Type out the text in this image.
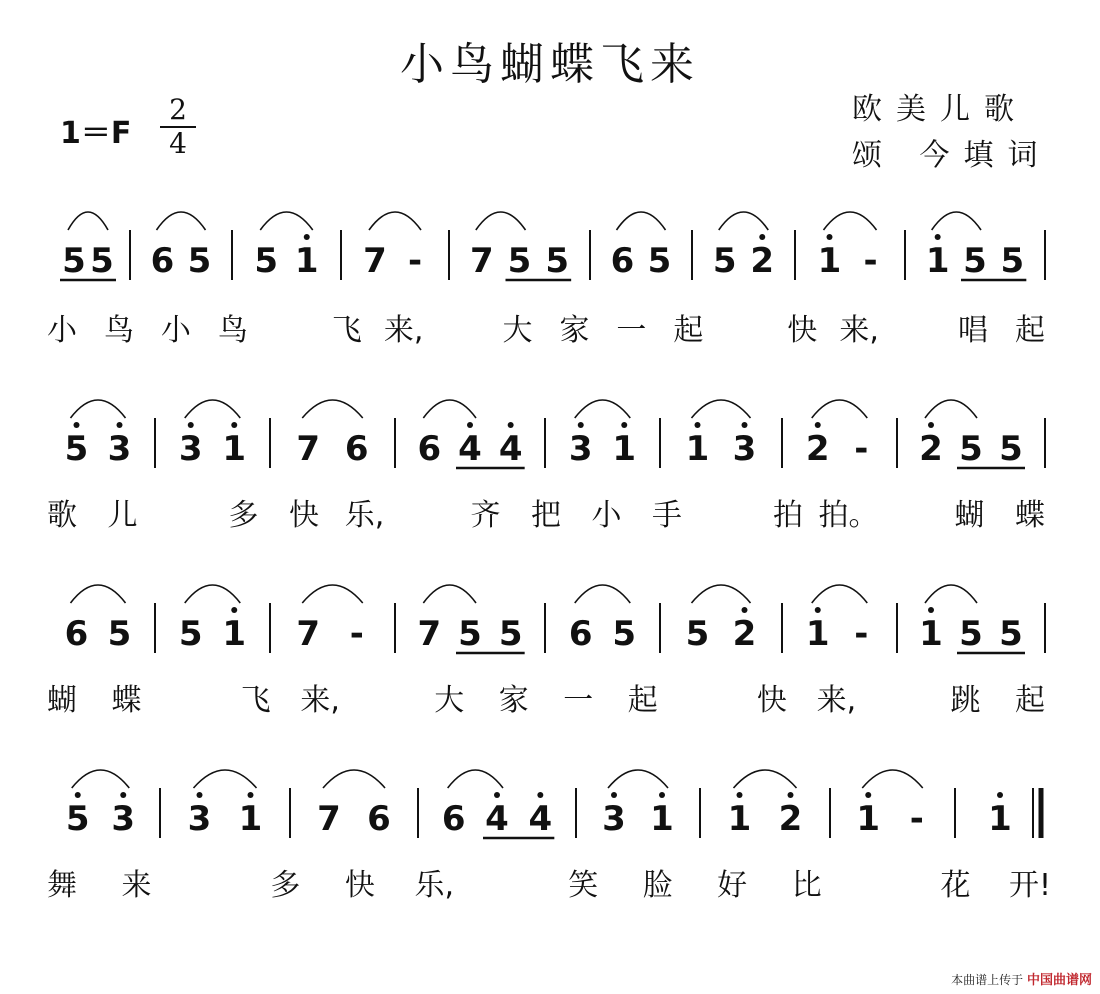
小鸟蝴蝶飞来
1＝F
2
4
欧美儿歌
颂 今填词
5 5 6 5 5 1 7 - 7 5 5 6 5 5 2 1 - 1 5 5
小 鸟 小 鸟	飞 来,	大 家 一 起	快 来,	唱 起
5 3 3 1 7 6 6 4 4 3 1 1 3 2 - 2 5 5
歌 儿	多 快 乐,	齐 把 小 手	拍 拍。	蝴 蝶
6 5 5 1 7 - 7 5 5 6 5 5 2 1 - 1 5 5
蝴 蝶	飞 来,	大 家 一 起	快 来,	跳 起
5 3 3 1 7 6 6 4 4 3 1 1 2 1 - 1
舞 来	多 快 乐,	笑 脸 好 比	花 开!
本曲谱上传于 中国曲谱网
